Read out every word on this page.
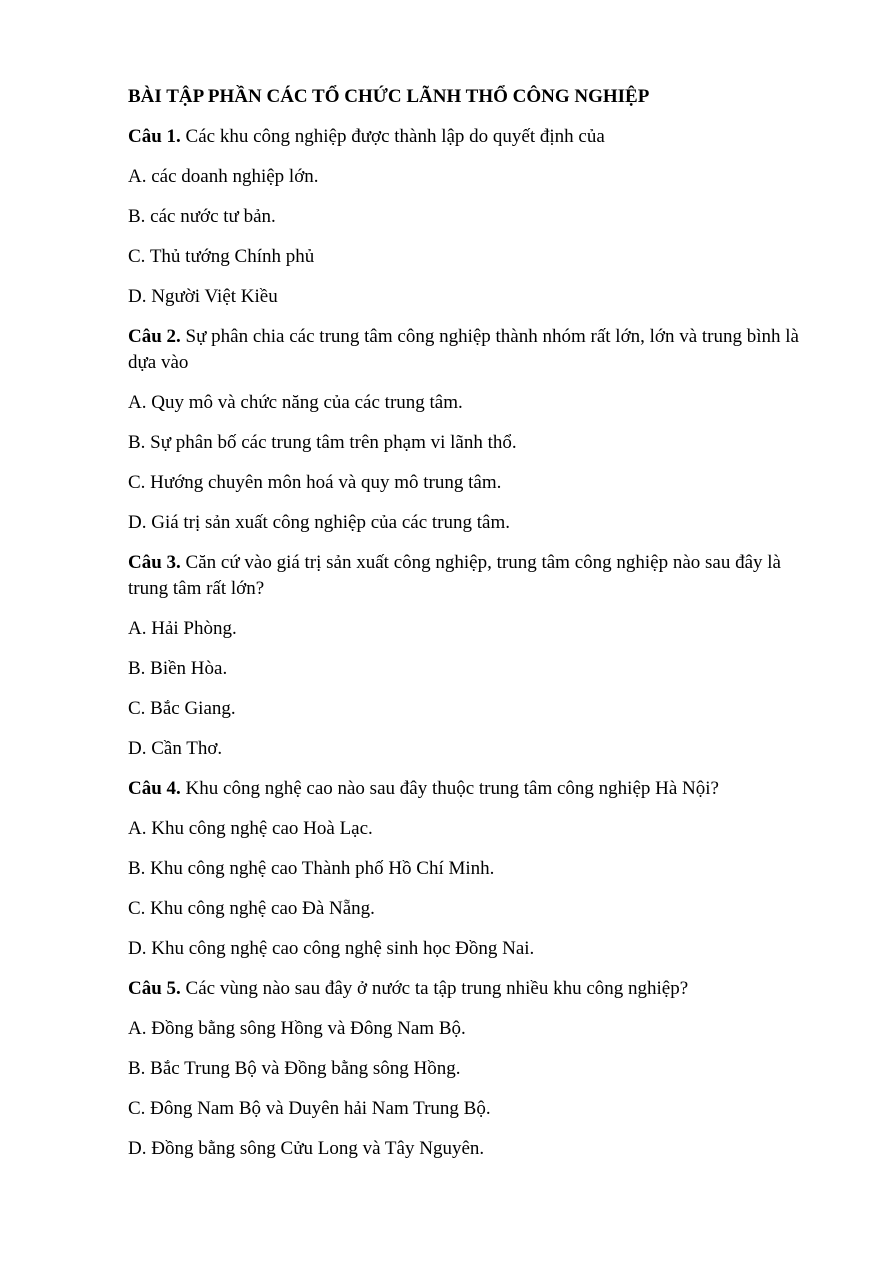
BÀI TẬP PHẦN CÁC TỔ CHỨC LÃNH THỔ CÔNG NGHIỆP

Câu 1. Các khu công nghiệp được thành lập do quyết định của

A. các doanh nghiệp lớn.

B. các nước tư bản.

C. Thủ tướng Chính phủ

D. Người Việt Kiều

Câu 2. Sự phân chia các trung tâm công nghiệp thành nhóm rất lớn, lớn và trung bình là dựa vào

A. Quy mô và chức năng của các trung tâm.

B. Sự phân bố các trung tâm trên phạm vi lãnh thổ.

C. Hướng chuyên môn hoá và quy mô trung tâm.

D. Giá trị sản xuất công nghiệp của các trung tâm.

Câu 3. Căn cứ vào giá trị sản xuất công nghiệp, trung tâm công nghiệp nào sau đây là trung tâm rất lớn?

A. Hải Phòng.

B. Biền Hòa.

C. Bắc Giang.

D. Cần Thơ.

Câu 4. Khu công nghệ cao nào sau đây thuộc trung tâm công nghiệp Hà Nội?

A. Khu công nghệ cao Hoà Lạc.

B. Khu công nghệ cao Thành phố Hồ Chí Minh.

C. Khu công nghệ cao Đà Nẵng.

D. Khu công nghệ cao công nghệ sinh học Đồng Nai.

Câu 5. Các vùng nào sau đây ở nước ta tập trung nhiều khu công nghiệp?

A. Đồng bằng sông Hồng và Đông Nam Bộ.

B. Bắc Trung Bộ và Đồng bằng sông Hồng.

C. Đông Nam Bộ và Duyên hải Nam Trung Bộ.

D. Đồng bằng sông Cửu Long và Tây Nguyên.
